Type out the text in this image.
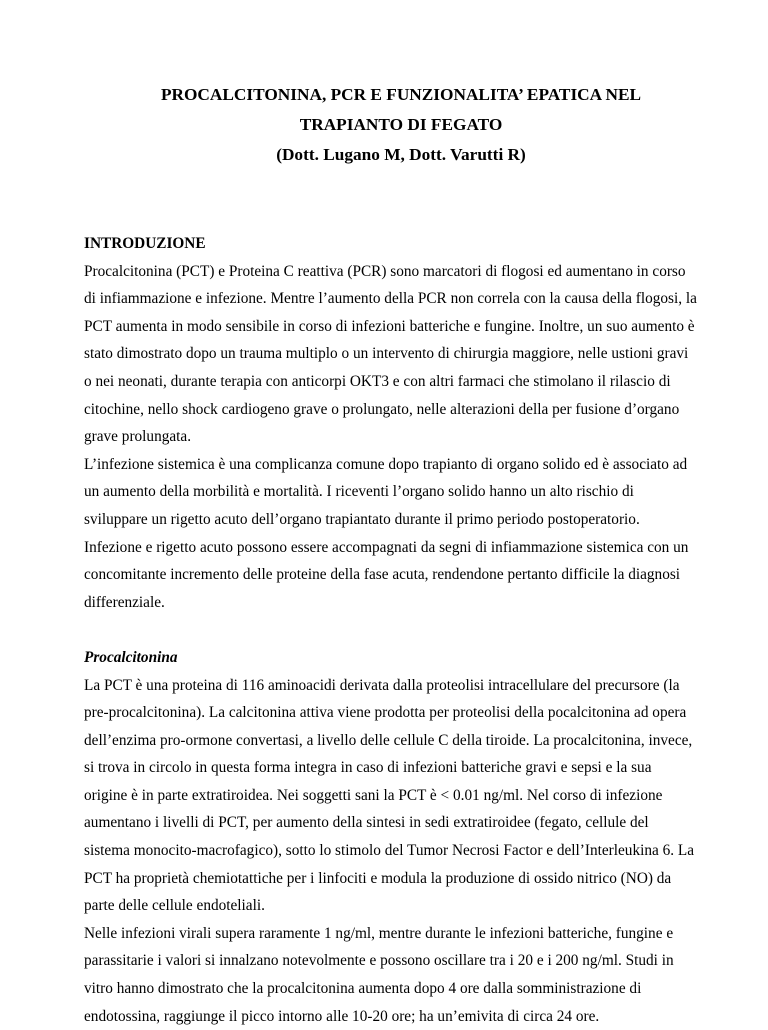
PROCALCITONINA, PCR E FUNZIONALITA’ EPATICA NEL
TRAPIANTO DI FEGATO
(Dott. Lugano M, Dott. Varutti R)
INTRODUZIONE
Procalcitonina (PCT) e Proteina C reattiva (PCR) sono marcatori di flogosi ed aumentano in corso
di infiammazione e infezione. Mentre l’aumento della PCR non correla con la causa della flogosi, la
PCT aumenta in modo sensibile in corso di infezioni batteriche e fungine. Inoltre, un suo aumento è
stato dimostrato dopo un trauma multiplo o un intervento di chirurgia maggiore, nelle ustioni gravi
o nei neonati, durante terapia con anticorpi OKT3 e con altri farmaci che stimolano il rilascio di
citochine, nello shock cardiogeno grave o prolungato, nelle alterazioni della per fusione d’organo
grave prolungata.
L’infezione sistemica è una complicanza comune dopo trapianto di organo solido ed è associato ad
un aumento della morbilità e mortalità. I riceventi l’organo solido hanno un alto rischio di
sviluppare un rigetto acuto dell’organo trapiantato durante il primo periodo postoperatorio.
Infezione e rigetto acuto possono essere accompagnati da segni di infiammazione sistemica con un
concomitante incremento delle proteine della fase acuta, rendendone pertanto difficile la diagnosi
differenziale.
Procalcitonina
La PCT è una proteina di 116 aminoacidi derivata dalla proteolisi intracellulare del precursore (la
pre-procalcitonina). La calcitonina attiva viene prodotta per proteolisi della pocalcitonina ad opera
dell’enzima pro-ormone convertasi, a livello delle cellule C della tiroide. La procalcitonina, invece,
si trova in circolo in questa forma integra in caso di infezioni batteriche gravi e sepsi e la sua
origine è in parte extratiroidea. Nei soggetti sani la PCT è < 0.01 ng/ml. Nel corso di infezione
aumentano i livelli di PCT, per aumento della sintesi in sedi extratiroidee (fegato, cellule del
sistema monocito-macrofagico), sotto lo stimolo del Tumor Necrosi Factor e dell’Interleukina 6. La
PCT ha proprietà chemiotattiche per i linfociti e modula la produzione di ossido nitrico (NO) da
parte delle cellule endoteliali.
Nelle infezioni virali supera raramente 1 ng/ml, mentre durante le infezioni batteriche, fungine e
parassitarie i valori si innalzano notevolmente e possono oscillare tra i 20 e i 200 ng/ml. Studi in
vitro hanno dimostrato che la procalcitonina aumenta dopo 4 ore dalla somministrazione di
endotossina, raggiunge il picco intorno alle 10-20 ore; ha un’emivita di circa 24 ore.
